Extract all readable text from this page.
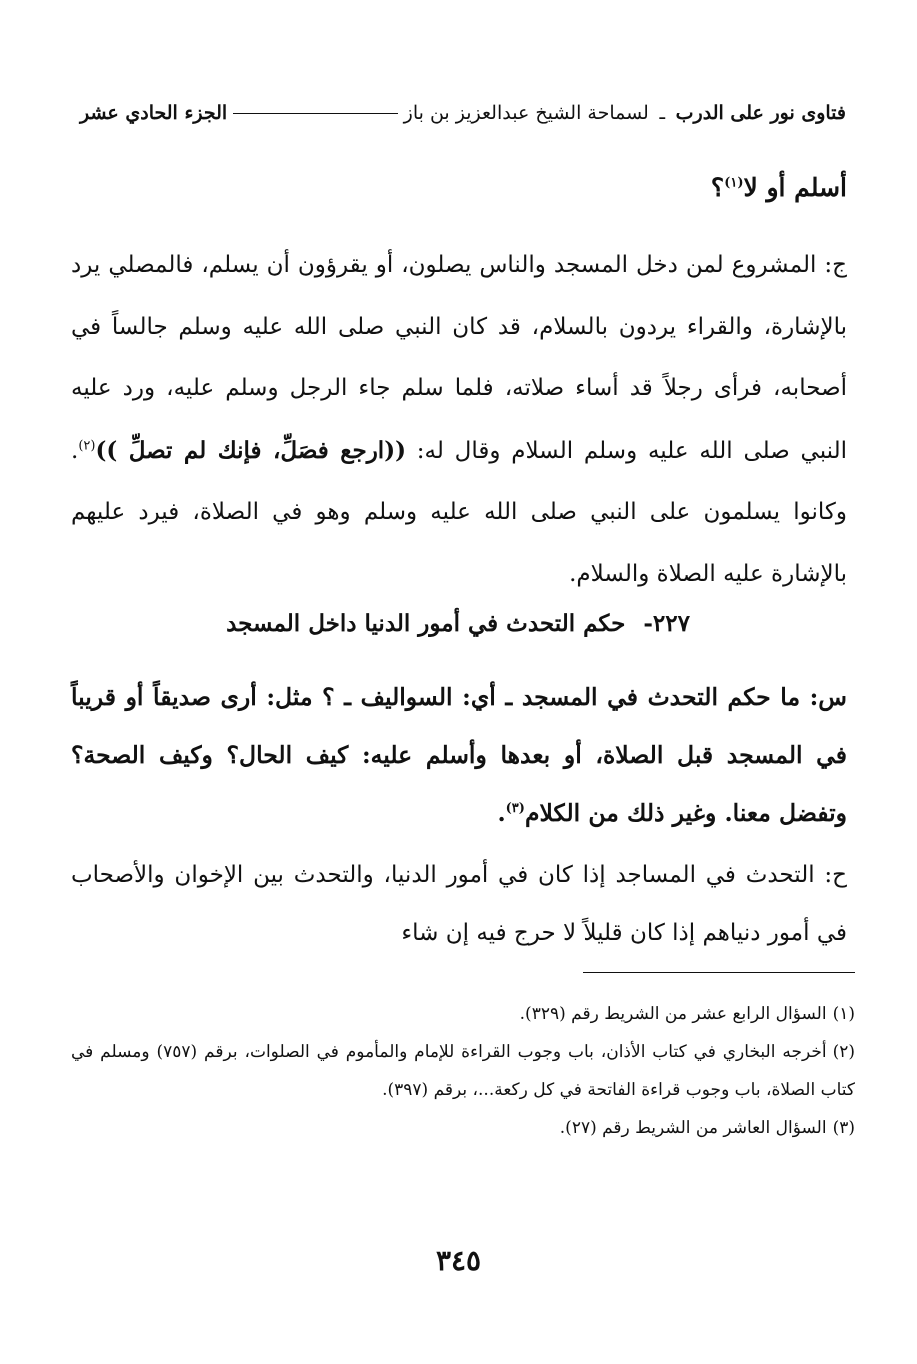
فتاوى نور على الدرب ـ لسماحة الشيخ عبدالعزيز بن باز
الجزء الحادي عشر
أسلم أو لا$^{(١)}$؟
ج: المشروع لمن دخل المسجد والناس يصلون، أو يقرؤون أن يسلم، فالمصلي يرد بالإشارة، والقراء يردون بالسلام، قد كان النبي صلى الله عليه وسلم جالساً في أصحابه، فرأى رجلاً قد أساء صلاته، فلما سلم جاء الرجل وسلم عليه، ورد عليه النبي صلى الله عليه وسلم السلام وقال له: ((ارجع فصَلِّ، فإنك لم تصلِّ ))$^{(٢)}$. وكانوا يسلمون على النبي صلى الله عليه وسلم وهو في الصلاة، فيرد عليهم بالإشارة عليه الصلاة والسلام.
٢٢٧-حكم التحدث في أمور الدنيا داخل المسجد
س: ما حكم التحدث في المسجد ـ أي: السواليف ـ ؟ مثل: أرى صديقاً أو قريباً في المسجد قبل الصلاة، أو بعدها وأسلم عليه: كيف الحال؟ وكيف الصحة؟ وتفضل معنا. وغير ذلك من الكلام$^{(٣)}$.
ح: التحدث في المساجد إذا كان في أمور الدنيا، والتحدث بين الإخوان والأصحاب في أمور دنياهم إذا كان قليلاً لا حرج فيه إن شاء
(١)السؤال الرابع عشر من الشريط رقم (٣٢٩).
(٢)أخرجه البخاري في كتاب الأذان، باب وجوب القراءة للإمام والمأموم في الصلوات، برقم (٧٥٧) ومسلم في كتاب الصلاة، باب وجوب قراءة الفاتحة في كل ركعة...، برقم (٣٩٧).
(٣)السؤال العاشر من الشريط رقم (٢٧).
٣٤٥
